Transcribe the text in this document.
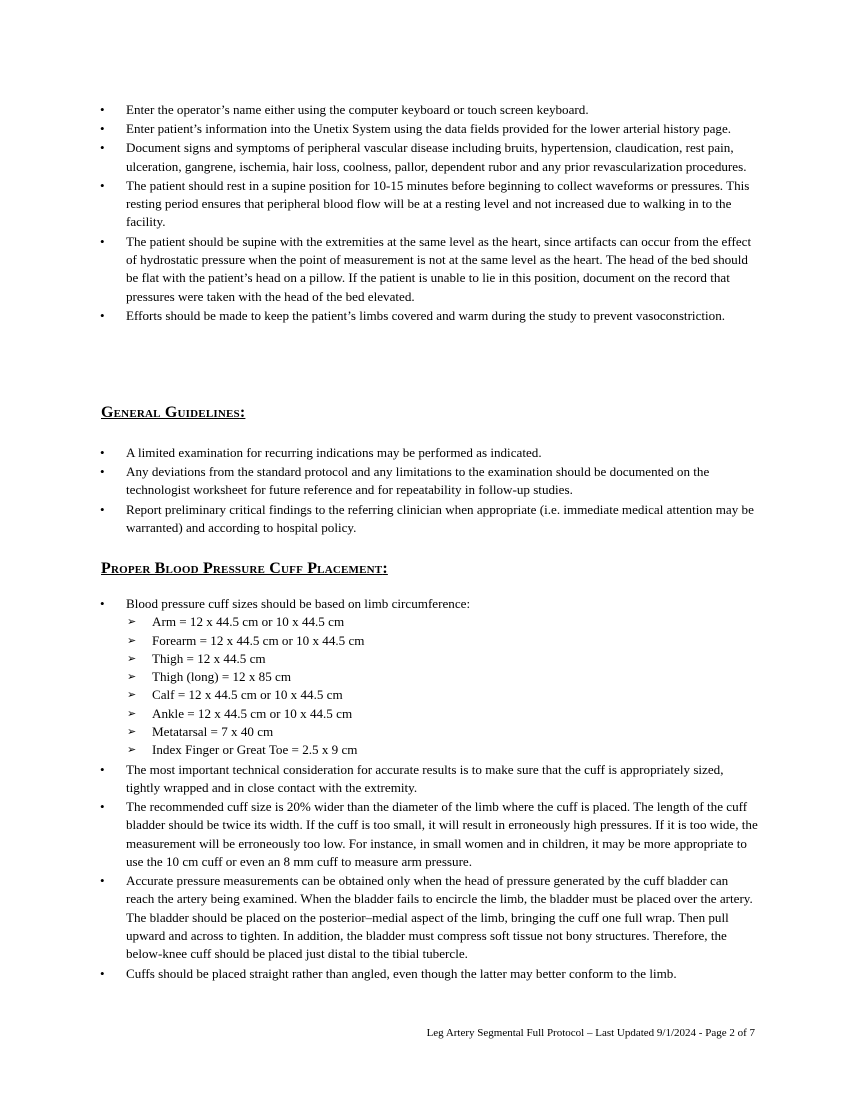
• Enter the operator’s name either using the computer keyboard or touch screen keyboard.
• Enter patient’s information into the Unetix System using the data fields provided for the lower arterial history page.
• Document signs and symptoms of peripheral vascular disease including bruits, hypertension, claudication, rest pain, ulceration, gangrene, ischemia, hair loss, coolness, pallor, dependent rubor and any prior revascularization procedures.
• The patient should rest in a supine position for 10-15 minutes before beginning to collect waveforms or pressures. This resting period ensures that peripheral blood flow will be at a resting level and not increased due to walking in to the facility.
• The patient should be supine with the extremities at the same level as the heart, since artifacts can occur from the effect of hydrostatic pressure when the point of measurement is not at the same level as the heart. The head of the bed should be flat with the patient’s head on a pillow. If the patient is unable to lie in this position, document on the record that pressures were taken with the head of the bed elevated.
• Efforts should be made to keep the patient’s limbs covered and warm during the study to prevent vasoconstriction.
General Guidelines:
• A limited examination for recurring indications may be performed as indicated.
• Any deviations from the standard protocol and any limitations to the examination should be documented on the technologist worksheet for future reference and for repeatability in follow-up studies.
• Report preliminary critical findings to the referring clinician when appropriate (i.e. immediate medical attention may be warranted) and according to hospital policy.
Proper Blood Pressure Cuff Placement:
• Blood pressure cuff sizes should be based on limb circumference:
➢ Arm = 12 x 44.5 cm or 10 x 44.5 cm
➢ Forearm = 12 x 44.5 cm or 10 x 44.5 cm
➢ Thigh = 12 x 44.5 cm
➢ Thigh (long) = 12 x 85 cm
➢ Calf = 12 x 44.5 cm or 10 x 44.5 cm
➢ Ankle = 12 x 44.5 cm or 10 x 44.5 cm
➢ Metatarsal = 7 x 40 cm
➢ Index Finger or Great Toe = 2.5 x 9 cm
• The most important technical consideration for accurate results is to make sure that the cuff is appropriately sized, tightly wrapped and in close contact with the extremity.
• The recommended cuff size is 20% wider than the diameter of the limb where the cuff is placed. The length of the cuff bladder should be twice its width. If the cuff is too small, it will result in erroneously high pressures. If it is too wide, the measurement will be erroneously too low. For instance, in small women and in children, it may be more appropriate to use the 10 cm cuff or even an 8 mm cuff to measure arm pressure.
• Accurate pressure measurements can be obtained only when the head of pressure generated by the cuff bladder can reach the artery being examined. When the bladder fails to encircle the limb, the bladder must be placed over the artery. The bladder should be placed on the posterior–medial aspect of the limb, bringing the cuff one full wrap. Then pull upward and across to tighten. In addition, the bladder must compress soft tissue not bony structures. Therefore, the below-knee cuff should be placed just distal to the tibial tubercle.
• Cuffs should be placed straight rather than angled, even though the latter may better conform to the limb.
Leg Artery Segmental Full Protocol – Last Updated 9/1/2024 - Page 2 of 7
